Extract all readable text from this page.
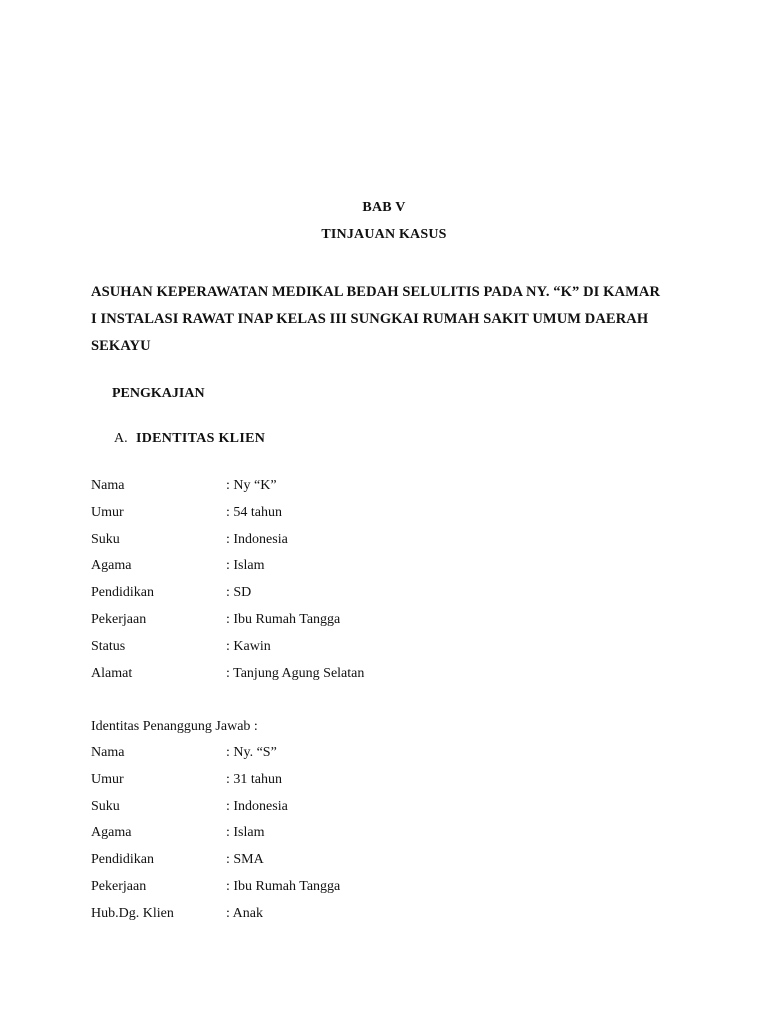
BAB V
TINJAUAN KASUS
ASUHAN KEPERAWATAN MEDIKAL BEDAH SELULITIS PADA NY. “K” DI KAMAR
I INSTALASI RAWAT INAP KELAS III SUNGKAI RUMAH SAKIT UMUM DAERAH
SEKAYU
PENGKAJIAN
A. IDENTITAS KLIEN
Nama	: Ny “K”
Umur	: 54 tahun
Suku	: Indonesia
Agama	: Islam
Pendidikan	: SD
Pekerjaan	: Ibu Rumah Tangga
Status	: Kawin
Alamat	: Tanjung Agung Selatan
Identitas Penanggung Jawab :
Nama	: Ny. “S”
Umur	: 31 tahun
Suku	: Indonesia
Agama	: Islam
Pendidikan	: SMA
Pekerjaan	: Ibu Rumah Tangga
Hub.Dg. Klien	: Anak
